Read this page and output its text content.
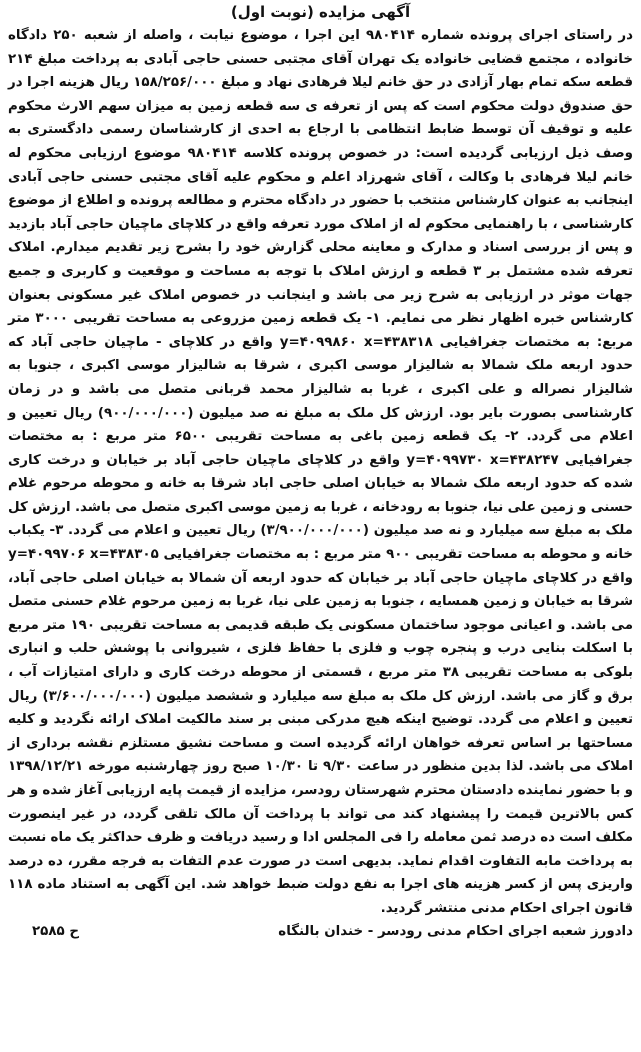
آگهی مزایده (نوبت اول)

در راستای اجرای پرونده شماره ۹۸۰۴۱۴ این اجرا ، موضوع نیابت ، واصله از شعبه ۲۵۰ دادگاه خانواده ، مجتمع قضایی خانواده یک تهران آقای مجتبی حسنی حاجی آبادی به پرداخت مبلغ ۲۱۴ قطعه سکه تمام بهار آزادی در حق خانم لیلا فرهادی نهاد و مبلغ ۱۵۸/۲۵۶/۰۰۰ ریال هزینه اجرا در حق صندوق دولت محکوم است که پس از تعرفه ی سه قطعه زمین به میزان سهم الارث محکوم علیه و توقیف آن توسط ضابط انتظامی با ارجاع به احدی از کارشناسان رسمی دادگستری به وصف ذیل ارزیابی گردیده است: در خصوص پرونده کلاسه ۹۸۰۴۱۴ موضوع ارزیابی محکوم له خانم لیلا فرهادی با وکالت ، آقای شهرزاد اعلم و محکوم علیه آقای مجتبی حسنی حاجی آبادی اینجانب به عنوان کارشناس منتخب با حضور در دادگاه محترم و مطالعه پرونده و اطلاع از موضوع کارشناسی ، با راهنمایی محکوم له از املاک مورد تعرفه واقع در کلاچای ماچیان حاجی آباد بازدید و پس از بررسی اسناد و مدارک و معاینه محلی گزارش خود را بشرح زیر تقدیم میدارم. املاک تعرفه شده مشتمل بر ۳ قطعه و ارزش املاک با توجه به مساحت و موقعیت و کاربری و جمیع جهات موثر در ارزیابی به شرح زیر می باشد و اینجانب در خصوص املاک غیر مسکونی بعنوان کارشناس خبره اظهار نظر می نمایم. ۱- یک قطعه زمین مزروعی به مساحت تقریبی ۳۰۰۰ متر مربع: به مختصات جغرافیایی y=۴۰۹۹۸۶۰ x=۴۳۸۳۱۸ واقع در کلاچای - ماچیان حاجی آباد که حدود اربعه ملک شمالا به شالیزار موسی اکبری ، شرقا به شالیزار موسی اکبری ، جنوبا به شالیزار نصراله و علی اکبری ، غربا به شالیزار محمد قربانی متصل می باشد و در زمان کارشناسی بصورت بایر بود. ارزش کل ملک به مبلغ نه صد میلیون (۹۰۰/۰۰۰/۰۰۰) ریال تعیین و اعلام می گردد. ۲- یک قطعه زمین باغی به مساحت تقریبی ۶۵۰۰ متر مربع : به مختصات جغرافیایی y=۴۰۹۹۷۳۰ x=۴۳۸۲۴۷ واقع در کلاچای ماچیان حاجی آباد بر خیابان و درخت کاری شده که حدود اربعه ملک شمالا به خیابان اصلی حاجی اباد شرقا به خانه و محوطه مرحوم غلام حسنی و زمین علی نیا، جنوبا به رودخانه ، غربا به زمین موسی اکبری متصل می باشد. ارزش کل ملک به مبلغ سه میلیارد و نه صد میلیون (۳/۹۰۰/۰۰۰/۰۰۰) ریال تعیین و اعلام می گردد. ۳- یکباب خانه و محوطه به مساحت تقریبی ۹۰۰ متر مربع : به مختصات جغرافیایی y=۴۰۹۹۷۰۶ x=۴۳۸۳۰۵ واقع در کلاچای ماچیان حاجی آباد بر خیابان که حدود اربعه آن شمالا به خیابان اصلی حاجی آباد، شرقا به خیابان و زمین همسایه ، جنوبا به زمین علی نیا، غربا به زمین مرحوم غلام حسنی متصل می باشد. و اعیانی موجود ساختمان مسکونی یک طبقه قدیمی به مساحت تقریبی ۱۹۰ متر مربع با اسکلت بنایی درب و پنجره چوب و فلزی با حفاظ فلزی ، شیروانی با پوشش حلب و انباری بلوکی به مساحت تقریبی ۳۸ متر مربع ، قسمتی از محوطه درخت کاری و دارای امتیازات آب ، برق و گاز می باشد. ارزش کل ملک به مبلغ سه میلیارد و ششصد میلیون (۳/۶۰۰/۰۰۰/۰۰۰) ریال تعیین و اعلام می گردد. توضیح اینکه هیچ مدرکی مبنی بر سند مالکیت املاک ارائه نگردید و کلیه مساحتها بر اساس تعرفه خواهان ارائه گردیده است و مساحت نشیق مستلزم نقشه برداری از املاک می باشد. لذا بدین منظور در ساعت ۹/۳۰ تا ۱۰/۳۰ صبح روز چهارشنبه مورخه ۱۳۹۸/۱۲/۲۱ و با حضور نماینده دادستان محترم شهرستان رودسر، مزایده از قیمت پایه ارزیابی آغاز شده و هر کس بالاترین قیمت را پیشنهاد کند می تواند با پرداخت آن مالک تلقی گردد، در غیر اینصورت مکلف است ده درصد ثمن معامله را فی المجلس ادا و رسید دریافت و ظرف حداکثر یک ماه نسبت به پرداخت مابه التفاوت اقدام نماید. بدیهی است در صورت عدم التفات به فرجه مقرر، ده درصد واریزی پس از کسر هزینه های اجرا به نفع دولت ضبط خواهد شد. این آگهی به استناد ماده ۱۱۸ قانون اجرای احکام مدنی منتشر گردید.

دادورز شعبه اجرای احکام مدنی رودسر - خندان بالنگاه
ح ۲۵۸۵
